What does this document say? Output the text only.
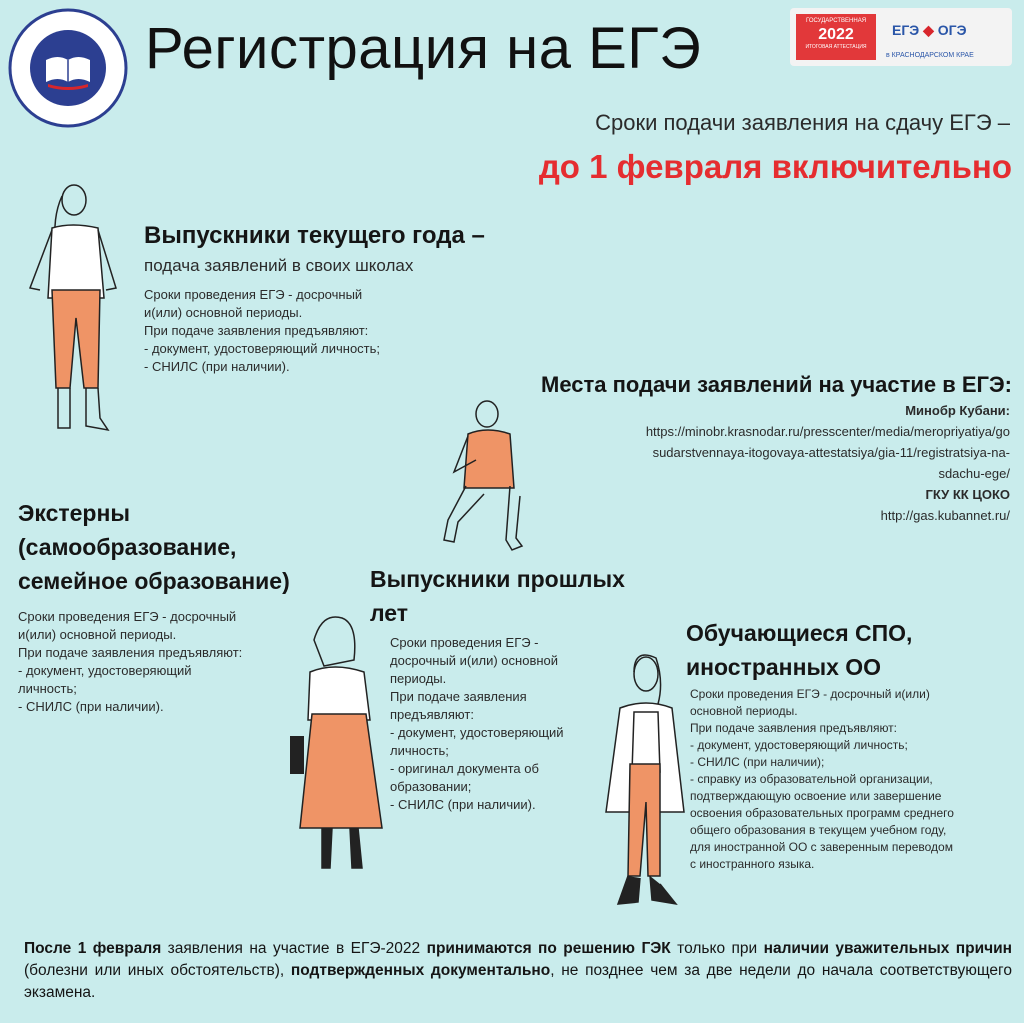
Регистрация на ЕГЭ	ГОСУДАРСТВЕННАЯ
2022
ИТОГОВАЯ АТТЕСТАЦИЯ
ЕГЭ ◆ ОГЭ
в КРАСНОДАРСКОМ КРАЕ
Сроки подачи заявления на сдачу ЕГЭ –
до 1 февраля включительно
Выпускники текущего года –
подача заявлений в своих школах
Сроки проведения ЕГЭ - досрочный
и(или) основной периоды.
При подаче заявления предъявляют:
- документ, удостоверяющий личность;
- СНИЛС (при наличии).
Места подачи заявлений на участие в ЕГЭ:
Минобр Кубани:
https://minobr.krasnodar.ru/presscenter/media/meropriyatiya/go
sudarstvennaya-itogovaya-attestatsiya/gia-11/registratsiya-na-
sdachu-ege/
ГКУ КК ЦОКО
http://gas.kubannet.ru/
Экстерны
(самообразование,
семейное образование)
Сроки проведения ЕГЭ - досрочный
и(или) основной периоды.
При подаче заявления предъявляют:
- документ, удостоверяющий
личность;
- СНИЛС (при наличии).
Выпускники прошлых
лет
Сроки проведения ЕГЭ -
досрочный и(или) основной
периоды.
При подаче заявления
предъявляют:
- документ, удостоверяющий
личность;
- оригинал документа об
образовании;
- СНИЛС (при наличии).
Обучающиеся СПО,
иностранных ОО
Сроки проведения ЕГЭ - досрочный и(или)
основной периоды.
При подаче заявления предъявляют:
- документ, удостоверяющий личность;
- СНИЛС (при наличии);
- справку из образовательной организации,
подтверждающую освоение или завершение
освоения образовательных программ среднего
общего образования в текущем учебном году,
для иностранной ОО с заверенным переводом
с иностранного языка.
После 1 февраля заявления на участие в ЕГЭ-2022 принимаются по решению ГЭК только при наличии уважительных причин (болезни или иных обстоятельств), подтвержденных документально, не позднее чем за две недели до начала соответствующего экзамена.
